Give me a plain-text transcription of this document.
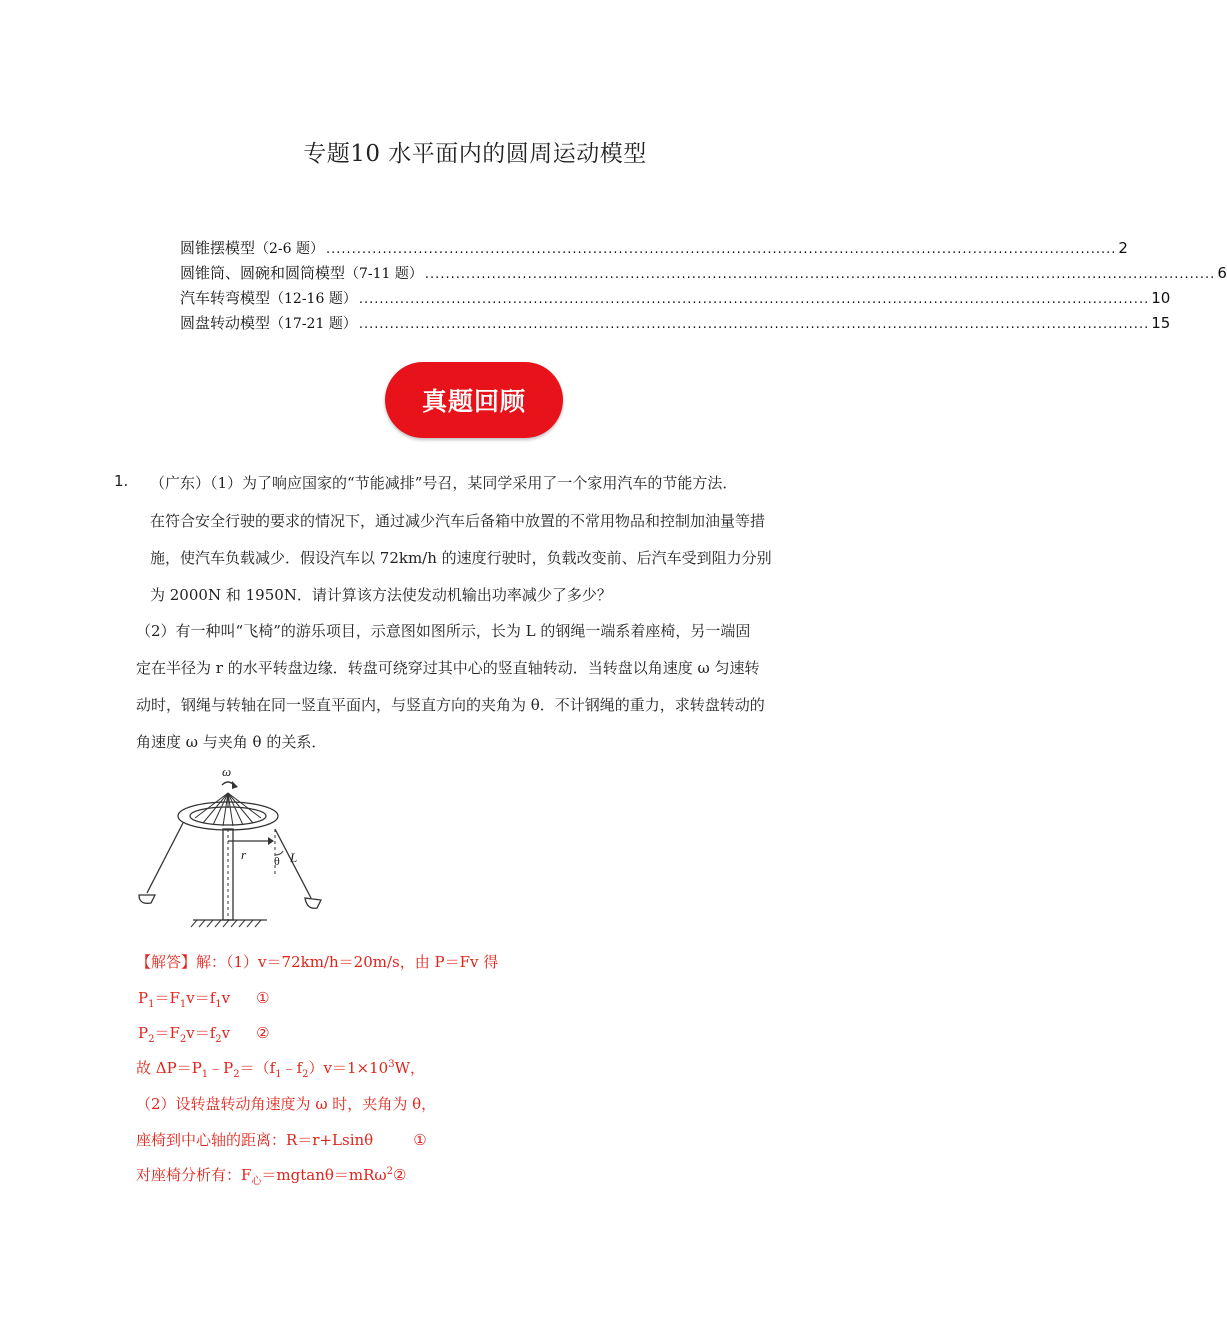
专题10 水平面内的圆周运动模型
圆锥摆模型 （2-6 题） .......................................................................................................................................................... 2
圆锥筒、圆碗和圆筒模型 （7-11 题） .......................................................................................................................................................... 6
汽车转弯模型 （12-16 题） .......................................................................................................................................................... 10
圆盘转动模型 （17-21 题） .......................................................................................................................................................... 15
真题回顾
1. （广东）（1）为了响应国家的“节能减排”号召，某同学采用了一个家用汽车的节能方法．
在符合安全行驶的要求的情况下，通过减少汽车后备箱中放置的不常用物品和控制加油量等措
施，使汽车负载减少．假设汽车以 72km/h 的速度行驶时，负载改变前、后汽车受到阻力分别
为 2000N 和 1950N．请计算该方法使发动机输出功率减少了多少？
（2）有一种叫“飞椅”的游乐项目，示意图如图所示，长为 L 的钢绳一端系着座椅，另一端固
定在半径为 r 的水平转盘边缘．转盘可绕穿过其中心的竖直轴转动．当转盘以角速度 ω 匀速转
动时，钢绳与转轴在同一竖直平面内，与竖直方向的夹角为 θ．不计钢绳的重力，求转盘转动的
角速度 ω 与夹角 θ 的关系．
ω
r θ L
【解答】解：（1）v＝72km/h＝20m/s，由 P＝Fv 得
$P_1=F_1v=f_1v$ ①
$P_2=F_2v=f_2v$ ②
故 $\Delta P=P_1﹣P_2=(f_1﹣f_2)v=1\times 10^3W$，
（2）设转盘转动角速度为 ω 时，夹角为 θ，
座椅到中心轴的距离：R＝r+Lsinθ	①
对座椅分析有：$F_心=mgtan\theta=mR\omega^2②$
